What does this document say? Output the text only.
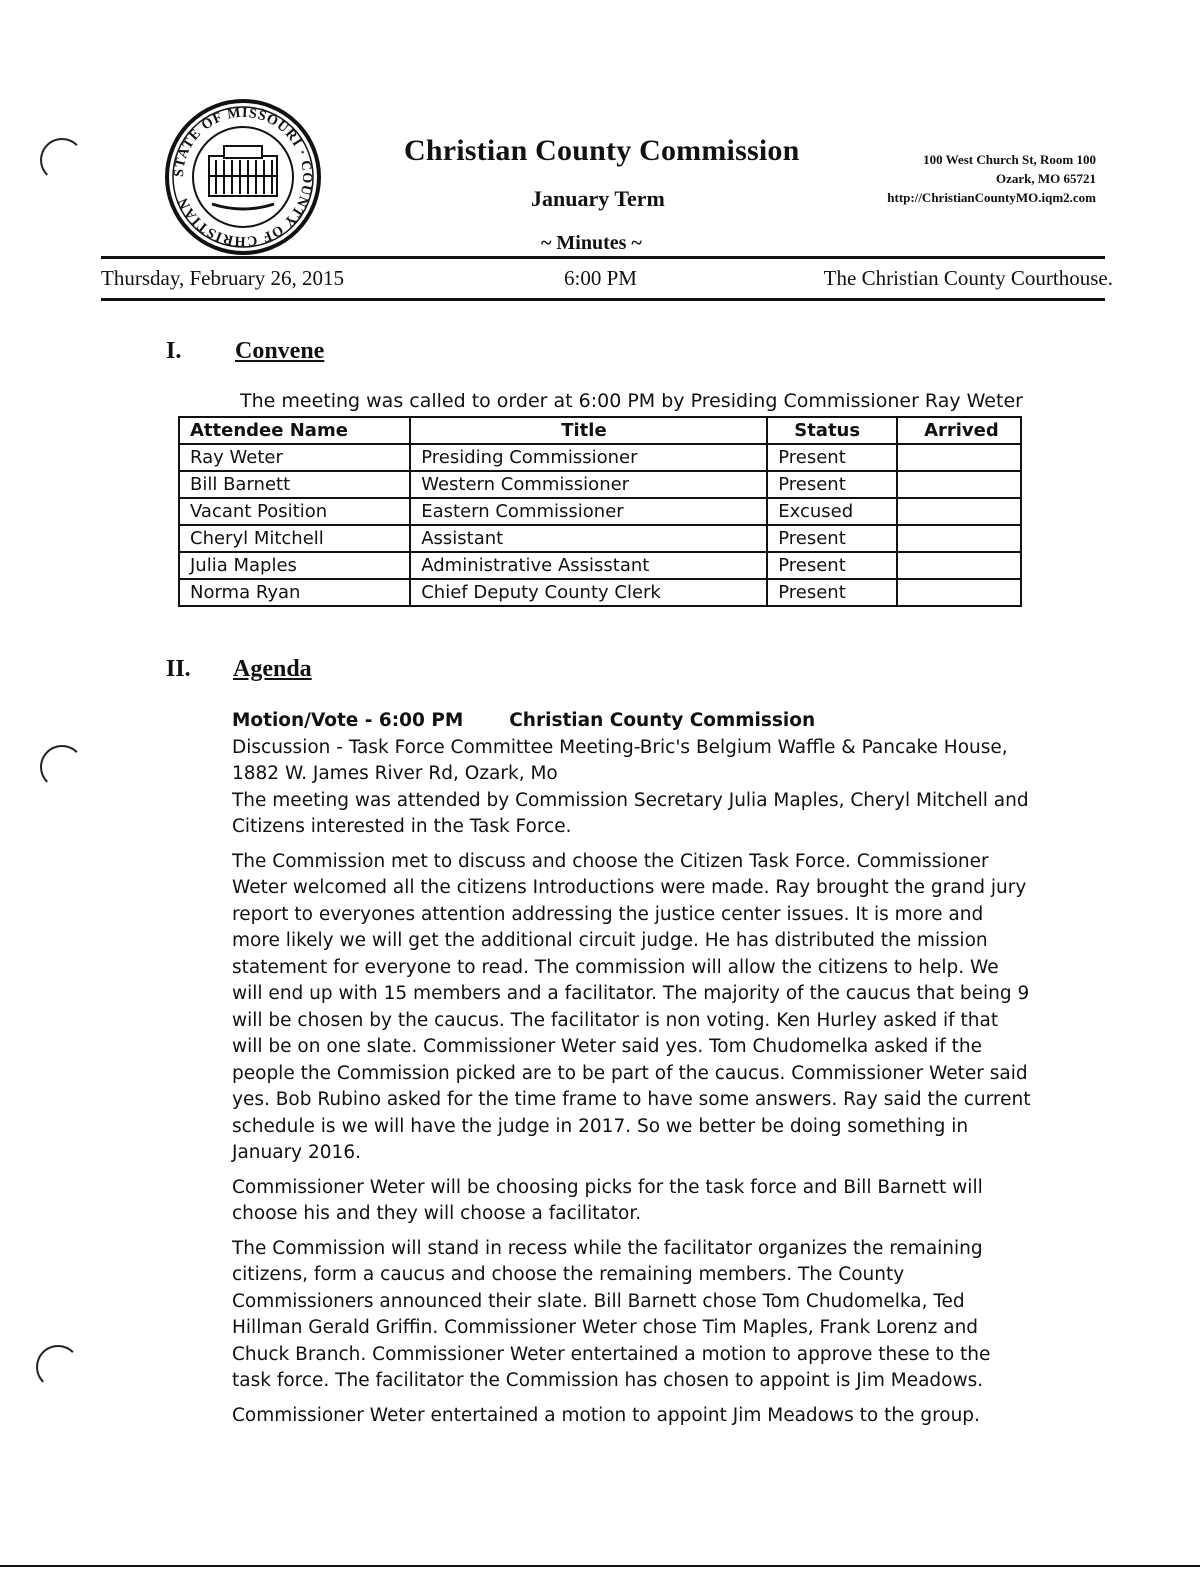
STATE OF MISSOURI · COUNTY OF CHRISTIAN
Christian County Commission
January Term
~ Minutes ~
100 West Church St, Room 100
Ozark, MO 65721
http://ChristianCountyMO.iqm2.com
Thursday, February 26, 2015	6:00 PM	The Christian County Courthouse.
I. Convene
The meeting was called to order at 6:00 PM by Presiding Commissioner Ray Weter
Attendee Name	Title	Status	Arrived
Ray Weter	Presiding Commissioner	Present	
Bill Barnett	Western Commissioner	Present	
Vacant Position	Eastern Commissioner	Excused	
Cheryl Mitchell	Assistant	Present	
Julia Maples	Administrative Assisstant	Present	
Norma Ryan	Chief Deputy County Clerk	Present	
II. Agenda
Motion/Vote - 6:00 PM Christian County Commission
Discussion - Task Force Committee Meeting-Bric's Belgium Waffle & Pancake House,
1882 W. James River Rd, Ozark, Mo

The meeting was attended by Commission Secretary Julia Maples, Cheryl Mitchell and Citizens interested in the Task Force.

The Commission met to discuss and choose the Citizen Task Force. Commissioner Weter welcomed all the citizens Introductions were made. Ray brought the grand jury report to everyones attention addressing the justice center issues. It is more and more likely we will get the additional circuit judge. He has distributed the mission statement for everyone to read. The commission will allow the citizens to help. We will end up with 15 members and a facilitator. The majority of the caucus that being 9 will be chosen by the caucus. The facilitator is non voting. Ken Hurley asked if that will be on one slate. Commissioner Weter said yes. Tom Chudomelka asked if the people the Commission picked are to be part of the caucus. Commissioner Weter said yes. Bob Rubino asked for the time frame to have some answers. Ray said the current schedule is we will have the judge in 2017. So we better be doing something in January 2016.

Commissioner Weter will be choosing picks for the task force and Bill Barnett will choose his and they will choose a facilitator.

The Commission will stand in recess while the facilitator organizes the remaining citizens, form a caucus and choose the remaining members. The County Commissioners announced their slate. Bill Barnett chose Tom Chudomelka, Ted Hillman Gerald Griffin. Commissioner Weter chose Tim Maples, Frank Lorenz and Chuck Branch. Commissioner Weter entertained a motion to approve these to the task force. The facilitator the Commission has chosen to appoint is Jim Meadows.

Commissioner Weter entertained a motion to appoint Jim Meadows to the group.
